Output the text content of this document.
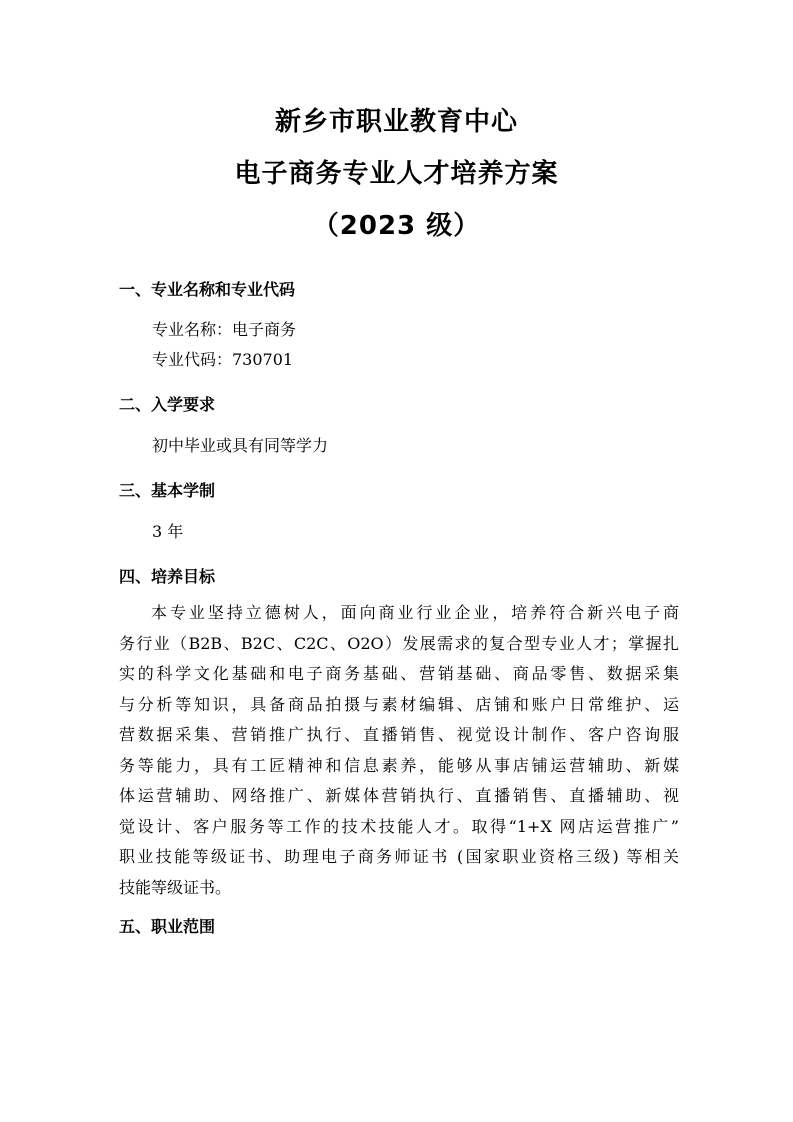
新乡市职业教育中心
电子商务专业人才培养方案
（2023 级）
一、专业名称和专业代码
专业名称：电子商务
专业代码：730701
二、入学要求
初中毕业或具有同等学力
三、基本学制
3 年
四、培养目标
本专业坚持立德树人，面向商业行业企业，培养符合新兴电子商
务行业（B2B、B2C、C2C、O2O）发展需求的复合型专业人才；掌握扎
实的科学文化基础和电子商务基础、营销基础、商品零售、数据采集
与分析等知识，具备商品拍摄与素材编辑、店铺和账户日常维护、运
营数据采集、营销推广执行、直播销售、视觉设计制作、客户咨询服
务等能力，具有工匠精神和信息素养，能够从事店铺运营辅助、新媒
体运营辅助、网络推广、新媒体营销执行、直播销售、直播辅助、视
觉设计、客户服务等工作的技术技能人才。取得“1+X 网店运营推广”
职业技能等级证书、助理电子商务师证书 (国家职业资格三级) 等相关
技能等级证书。
五、职业范围
